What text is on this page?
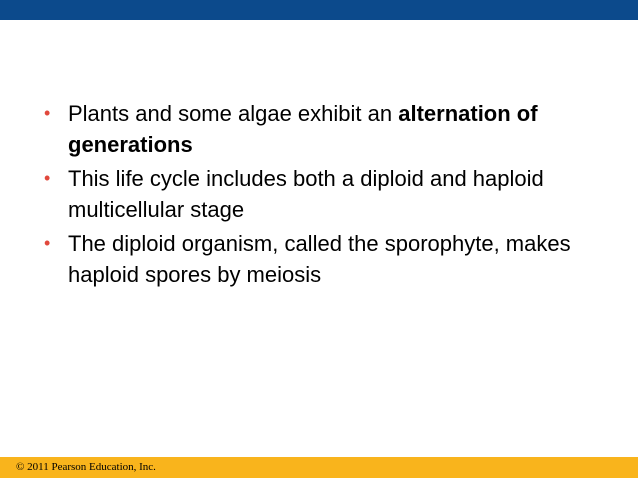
• Plants and some algae exhibit an alternation of generations
• This life cycle includes both a diploid and haploid multicellular stage
• The diploid organism, called the sporophyte, makes haploid spores by meiosis
© 2011 Pearson Education, Inc.
